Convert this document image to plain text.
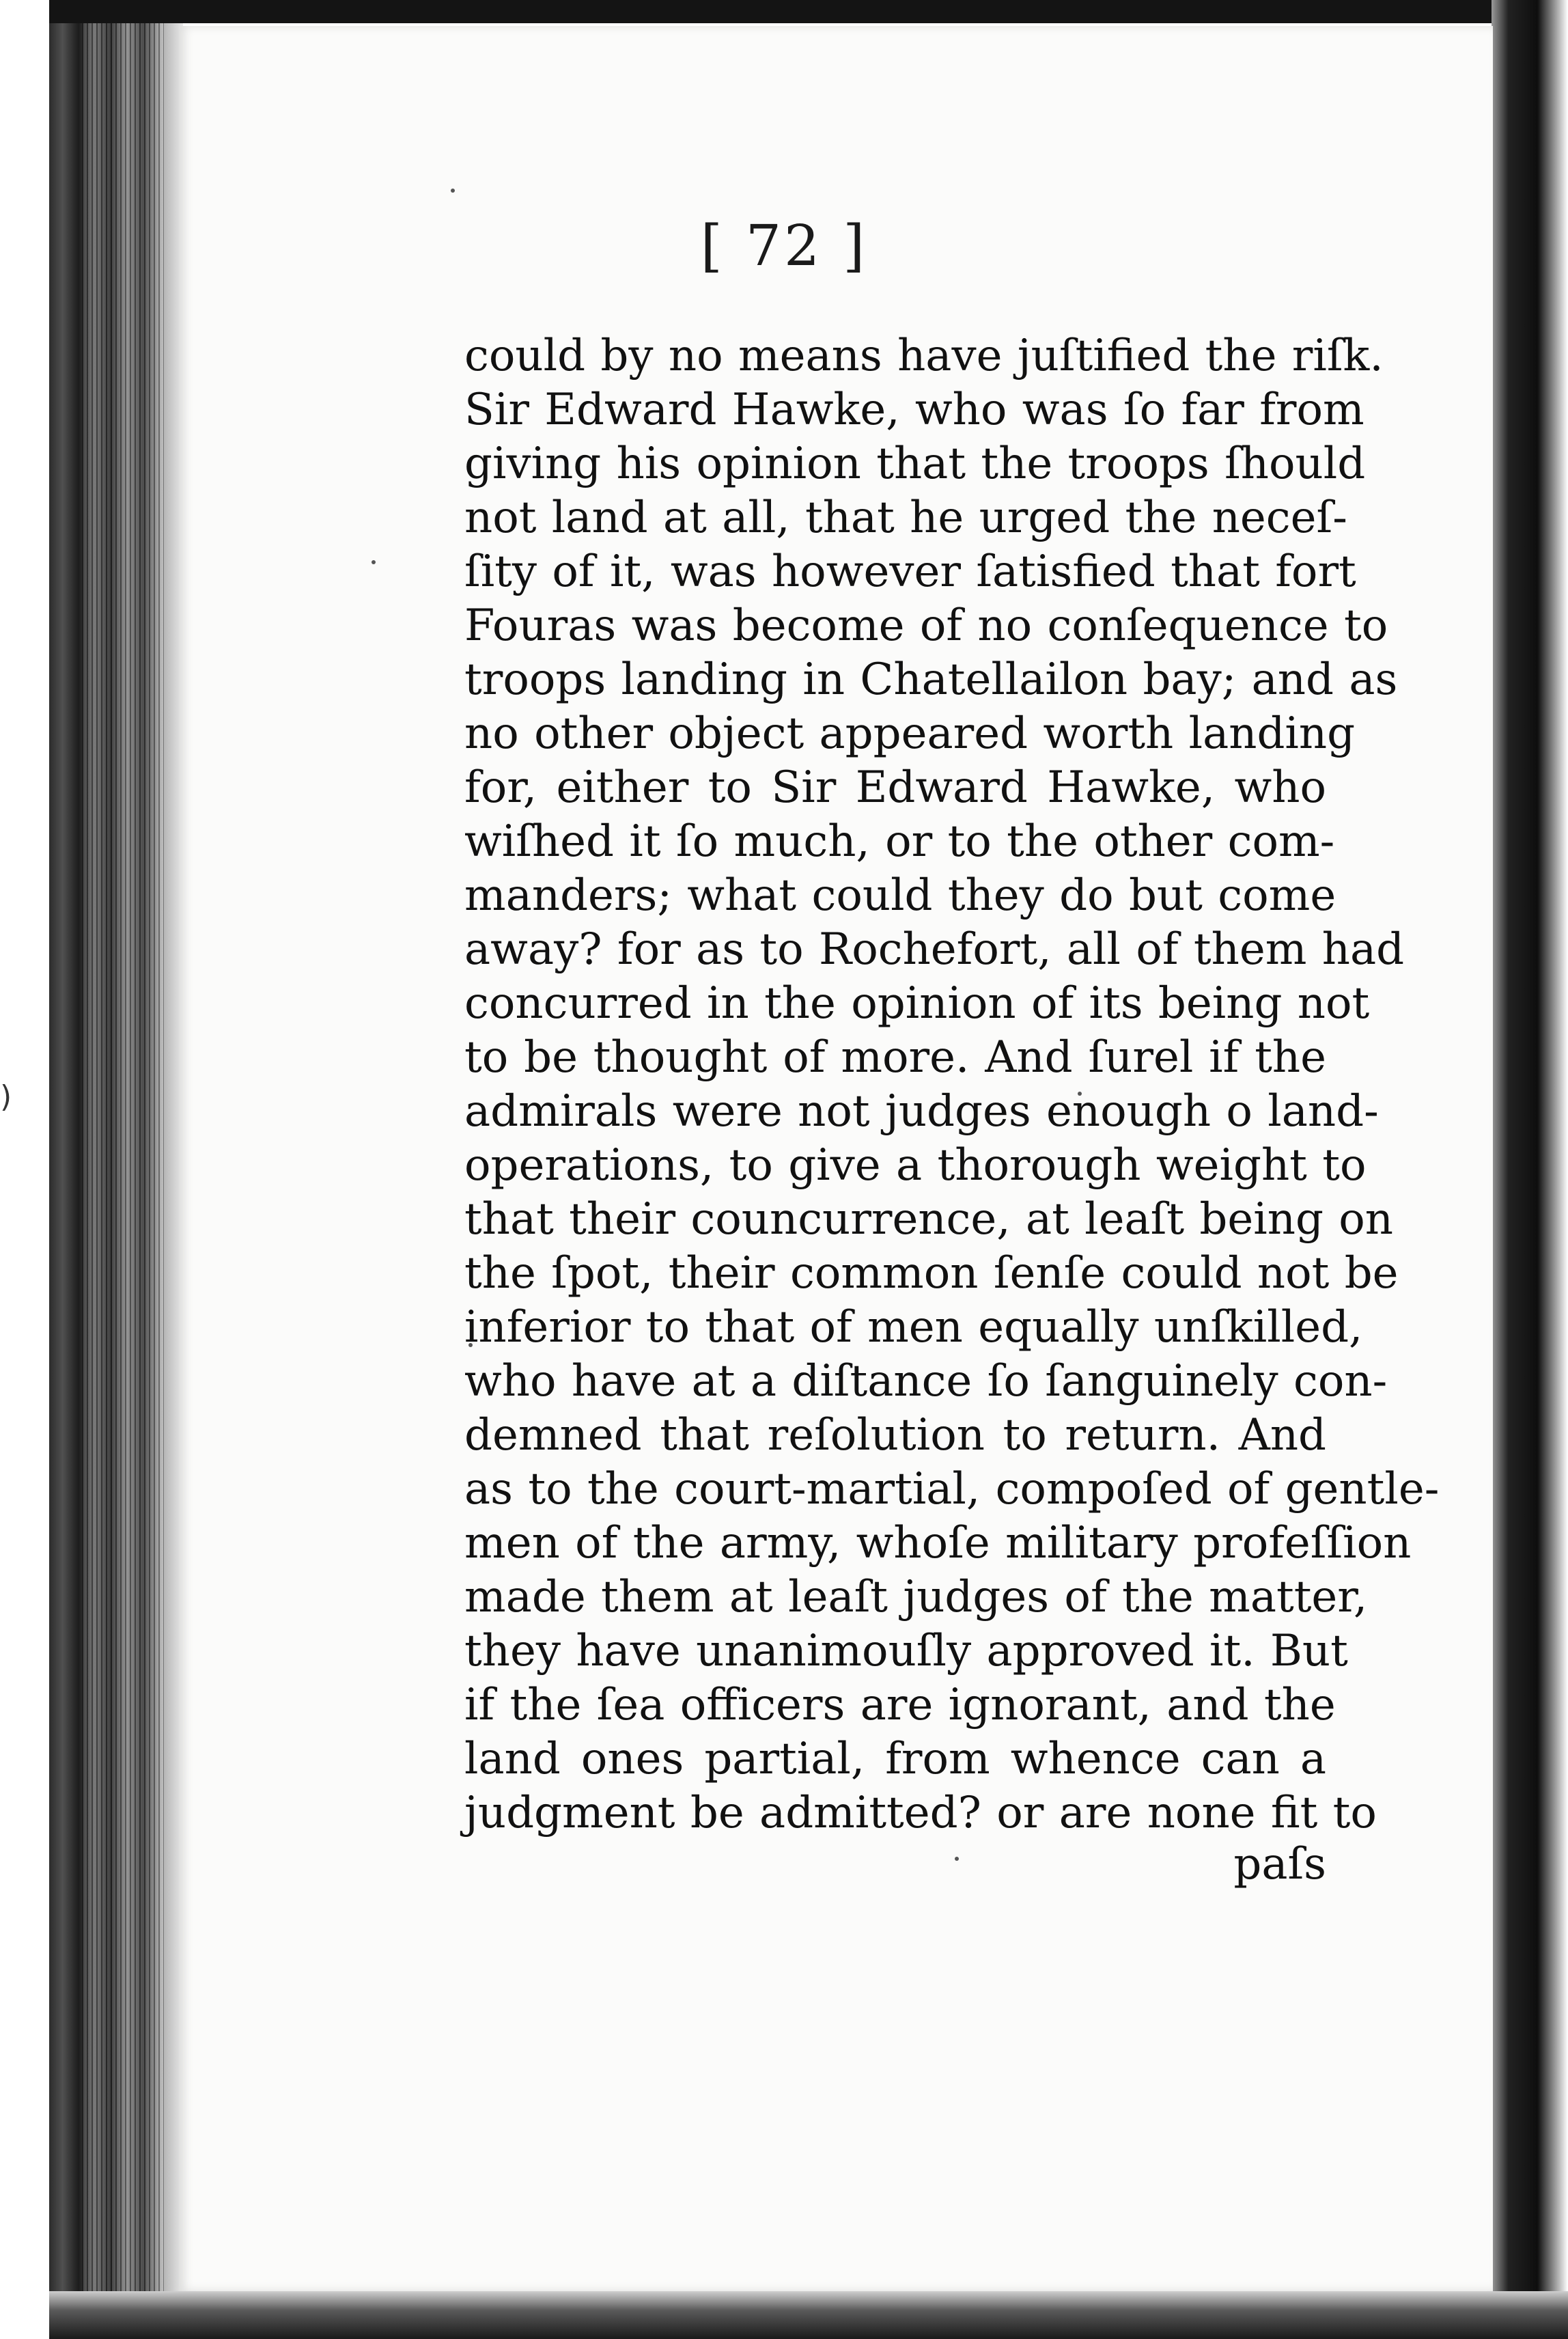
)
[ 72 ]
could by no means have juſtified the riſk.
Sir Edward Hawke, who was ſo far from
giving his opinion that the troops ſhould
not land at all, that he urged the neceſ-
ſity of it, was however ſatisfied that fort
Fouras was become of no conſequence to
troops landing in Chatellailon bay; and as
no other object appeared worth landing
for, either to Sir Edward Hawke, who
wiſhed it ſo much, or to the other com-
manders; what could they do but come
away? for as to Rochefort, all of them had
concurred in the opinion of its being not
to be thought of more. And ſurel if the
admirals were not judges enough o land-
operations, to give a thorough weight to
that their councurrence, at leaſt being on
the ſpot, their common ſenſe could not be
inferior to that of men equally unſkilled,
who have at a diſtance ſo ſanguinely con-
demned that reſolution to return. And
as to the court-martial, compoſed of gentle-
men of the army, whoſe military profeſſion
made them at leaſt judges of the matter,
they have unanimouſly approved it. But
if the ſea officers are ignorant, and the
land ones partial, from whence can a
judgment be admitted? or are none fit to
paſs
